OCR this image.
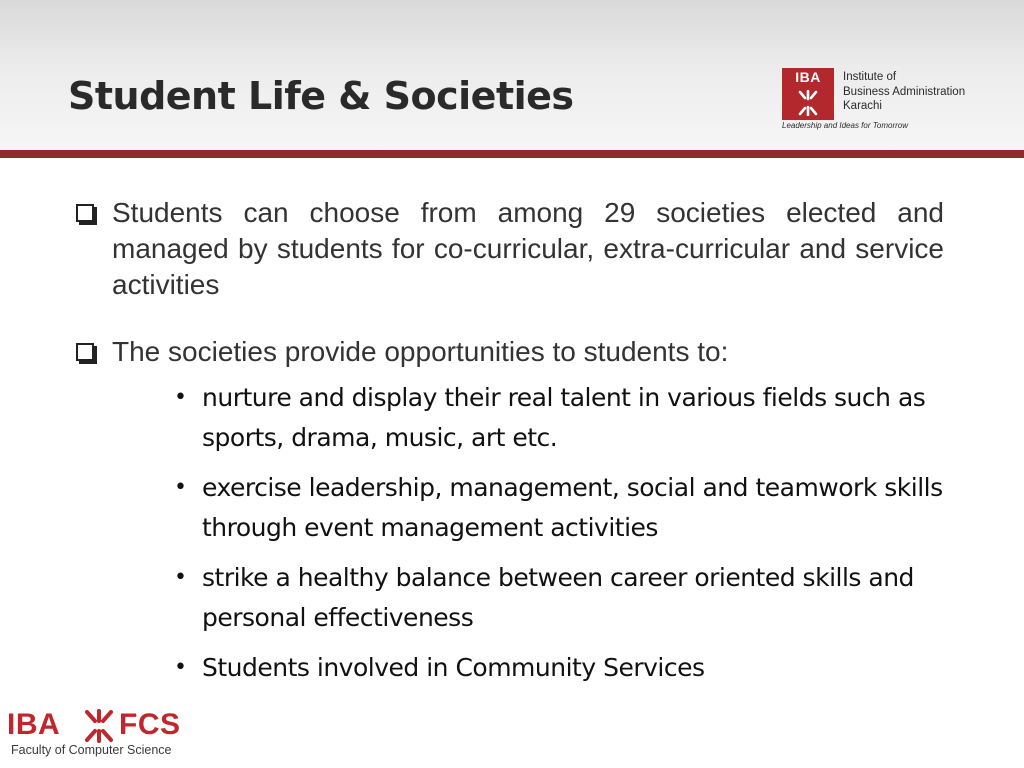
Student Life & Societies	IBA	Institute of
Business Administration
Karachi
Leadership and Ideas for Tomorrow
Students can choose from among 29 societies elected and managed by students for co-curricular, extra-curricular and service activities
The societies provide opportunities to students to:
• nurture and display their real talent in various fields such as sports, drama, music, art etc.
• exercise leadership, management, social and teamwork skills through event management activities
• strike a healthy balance between career oriented skills and personal effectiveness
• Students involved in Community Services
IBA FCS
Faculty of Computer Science
